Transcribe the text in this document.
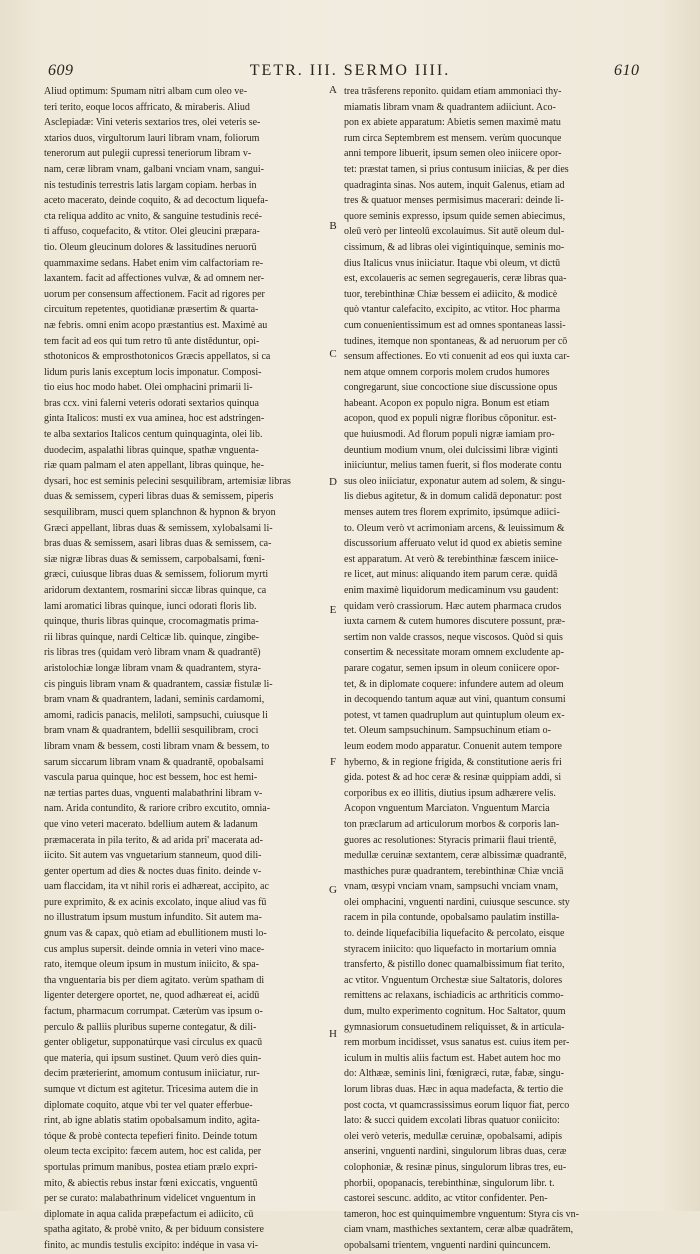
609	TETR. III. SERMO IIII.	610
Aliud optimum: Spumam nitri albam cum oleo ve-
teri terito, eoque locos affricato, & miraberis. Aliud
Asclepiadæ: Vini veteris sextarios tres, olei veteris se-
xtarios duos, virgultorum lauri libram vnam, foliorum
tenerorum aut pulegii cupressi teneriorum libram v-
nam, ceræ libram vnam, galbani vnciam vnam, sangui-
nis testudinis terrestris latis largam copiam. herbas in
aceto macerato, deinde coquito, & ad decoctum liquefa-
cta reliqua addito ac vnito, & sanguine testudinis recé-
ti affuso, coquefacito, & vtitor. Olei gleucini præpara-
tio. Oleum gleucinum dolores & lassitudines neruorü
quammaxime sedans. Habet enim vim calfactoriam re-
laxantem. facit ad affectiones vulvæ, & ad omnem ner-
uorum per consensum affectionem. Facit ad rigores per
circuitum repetentes, quotidianæ præsertim & quarta-
næ febris. omni enim acopo præstantius est. Maximè au
tem facit ad eos qui tum retro tū ante distēduntur, opi-
sthotonicos & emprosthotonicos Græcis appellatos, si ca
lidum puris lanis exceptum locis imponatur. Composi-
tio eius hoc modo habet. Olei omphacini primarii li-
bras ccx. vini falerni veteris odorati sextarios quinqua
ginta Italicos: musti ex vua aminea, hoc est adstringen-
te alba sextarios Italicos centum quinquaginta, olei lib.
duodecim, aspalathi libras quinque, spathæ vnguenta-
riæ quam palmam el aten appellant, libras quinque, he-
dysari, hoc est seminis pelecini sesquilibram, artemisiæ libras
duas & semissem, cyperi libras duas & semissem, piperis
sesquilibram, musci quem splanchnon & hypnon & bryon
Græci appellant, libras duas & semissem, xylobalsami li-
bras duas & semissem, asari libras duas & semissem, ca-
siæ nigræ libras duas & semissem, carpobalsami, fœni-
græci, cuiusque libras duas & semissem, foliorum myrti
aridorum dextantem, rosmarini siccæ libras quinque, ca
lami aromatici libras quinque, iunci odorati floris lib.
quinque, thuris libras quinque, crocomagmatis prima-
rii libras quinque, nardi Celticæ lib. quinque, zingibe-
ris libras tres (quidam verò libram vnam & quadrantē)
aristolochiæ longæ libram vnam & quadrantem, styra-
cis pinguis libram vnam & quadrantem, cassiæ fistulæ li-
bram vnam & quadrantem, ladani, seminis cardamomi,
amomi, radicis panacis, meliloti, sampsuchi, cuiusque li
bram vnam & quadrantem, bdellii sesquilibram, croci
libram vnam & bessem, costi libram vnam & bessem, to
sarum siccarum libram vnam & quadrantē, opobalsami
vascula parua quinque, hoc est bessem, hoc est hemi-
næ tertias partes duas, vnguenti malabathrini libram v-
nam. Arida contundito, & rariore cribro excutito, omnia-
que vino veteri macerato. bdellium autem & ladanum
præmacerata in pila terito, & ad arida pri' macerata ad-
iicito. Sit autem vas vnguetarium stanneum, quod dili-
genter opertum ad dies & noctes duas finito. deinde v-
uam flaccidam, ita vt nihil roris ei adhæreat, accipito, ac
pure exprimito, & ex acinis excolato, inque aliud vas fū
no illustratum ipsum mustum infundito. Sit autem ma-
gnum vas & capax, quò etiam ad ebullitionem musti lo-
cus amplus supersit. deinde omnia in veteri vino mace-
rato, itemque oleum ipsum in mustum iniicito, & spa-
tha vnguentaria bis per diem agitato. verùm spatham di
ligenter detergere oportet, ne, quod adhæreat ei, acidū
factum, pharmacum corrumpat. Cæterùm vas ipsum o-
perculo & palliis pluribus superne contegatur, & dili-
genter obligetur, supponatúrque vasi circulus ex quacū
que materia, qui ipsum sustinet. Quum verò dies quin-
decim præterierint, amomum contusum iniiciatur, rur-
sumque vt dictum est agitetur. Tricesima autem die in
diplomate coquito, atque vbi ter vel quater efferbue-
rint, ab igne ablatis statim opobalsamum indito, agita-
tóque & probè contecta tepefieri finito. Deinde totum
oleum tecta excipito: fæcem autem, hoc est calida, per
sportulas primum manibus, postea etiam prælo expri-
mito, & abiectis rebus instar fœni exiccatis, vnguentū
per se curato: malabathrinum videlicet vnguentum in
diplomate in aqua calida præpefactum ei adiicito, cū
spatha agitato, & probè vnito, & per biduum consistere
finito, ac mundis testulis excipito: indéque in vasa vi-
A
B
C
D
E
F
G
H
trea trāsferens reponito. quidam etiam ammoniaci thy-
miamatis libram vnam & quadrantem adiiciunt. Aco-
pon ex abiete apparatum: Abietis semen maximè matu
rum circa Septembrem est mensem. verùm quocunque
anni tempore libuerit, ipsum semen oleo iniicere opor-
tet: præstat tamen, si prius contusum iniicias, & per dies
quadraginta sinas. Nos autem, inquit Galenus, etiam ad
tres & quatuor menses permisimus macerari: deinde li-
quore seminis expresso, ipsum quide semen abiecimus,
oleū verò per linteolū excolauimus. Sit autē oleum dul-
cissimum, & ad libras olei vigintiquinque, seminis mo-
dius Italicus vnus iniiciatur. Itaque vbi oleum, vt dictū
est, excolaueris ac semen segregaueris, ceræ libras qua-
tuor, terebinthinæ Chiæ bessem ei adiicito, & modicè
quò vtantur calefacito, excipito, ac vtitor. Hoc pharma
cum conuenientissimum est ad omnes spontaneas lassi-
tudines, itemque non spontaneas, & ad neruorum per cō
sensum affectiones. Eo vti conuenit ad eos qui iuxta car-
nem atque omnem corporis molem crudos humores
congregarunt, siue concoctione siue discussione opus
habeant. Acopon ex populo nigra. Bonum est etiam
acopon, quod ex populi nigræ floribus cōponitur. est-
que huiusmodi. Ad florum populi nigræ iamiam pro-
deuntium modium vnum, olei dulcissimi libræ viginti
iniiciuntur, melius tamen fuerit, si flos moderate contu
sus oleo iniiciatur, exponatur autem ad solem, & singu-
lis diebus agitetur, & in domum calidā deponatur: post
menses autem tres florem exprimito, ipsúmque adiici-
to. Oleum verò vt acrimoniam arcens, & leuissimum &
discussorium afferuato velut id quod ex abietis semine
est apparatum. At verò & terebinthinæ fæscem iniice-
re licet, aut minus: aliquando item parum ceræ. quidā
enim maximè liquidorum medicaminum vsu gaudent:
quidam verò crassiorum. Hæc autem pharmaca crudos
iuxta carnem & cutem humores discutere possunt, præ-
sertim non valde crassos, neque viscosos. Quòd si quis
consertim & necessitate moram omnem excludente ap-
parare cogatur, semen ipsum in oleum coniicere opor-
tet, & in diplomate coquere: infundere autem ad oleum
in decoquendo tantum aquæ aut vini, quantum consumi
potest, vt tamen quadruplum aut quintuplum oleum ex-
tet. Oleum sampsuchinum. Sampsuchinum etiam o-
leum eodem modo apparatur. Conuenit autem tempore
hyberno, & in regione frigida, & constitutione aeris fri
gida. potest & ad hoc ceræ & resinæ quippiam addi, si
corporibus ex eo illitis, diutius ipsum adhærere velis.
Acopon vnguentum Marciaton. Vnguentum Marcia
ton præclarum ad articulorum morbos & corporis lan-
guores ac resolutiones: Styracis primarii flaui trientē,
medullæ ceruinæ sextantem, ceræ albissimæ quadrantē,
masthiches puræ quadrantem, terebinthinæ Chiæ vnciā
vnam, œsypi vnciam vnam, sampsuchi vnciam vnam,
olei omphacini, vnguenti nardini, cuiusque sescunce. sty
racem in pila contunde, opobalsamo paulatim instilla-
to. deinde liquefacibilia liquefacito & percolato, eisque
styracem iniicito: quo liquefacto in mortarium omnia
transferto, & pistillo donec quamalbissimum fiat terito,
ac vtitor. Vnguentum Orchestæ siue Saltatoris, dolores
remittens ac relaxans, ischiadicis ac arthriticis commo-
dum, multo experimento cognitum. Hoc Saltator, quum
gymnasiorum consuetudinem reliquisset, & in articula-
rem morbum incidisset, vsus sanatus est. cuius item per-
iculum in multis aliis factum est. Habet autem hoc mo
do: Althææ, seminis lini, fœnigræci, rutæ, fabæ, singu-
lorum libras duas. Hæc in aqua madefacta, & tertio die
post cocta, vt quamcrassissimus eorum liquor fiat, perco
lato: & succi quidem excolati libras quatuor coniicito:
olei verò veteris, medullæ ceruinæ, opobalsami, adipis
anserini, vnguenti nardini, singulorum libras duas, ceræ
colophoniæ, & resinæ pinus, singulorum libras tres, eu-
phorbii, opopanacis, terebinthinæ, singulorum libr. t.
castorei sescunc. addito, ac vtitor confidenter. Pen-
tameron, hoc est quinquimembre vnguentum: Styra cis vn-
ciam vnam, masthiches sextantem, ceræ albæ quadrātem,
opobalsami trientem, vnguenti nardini quincuncem.
